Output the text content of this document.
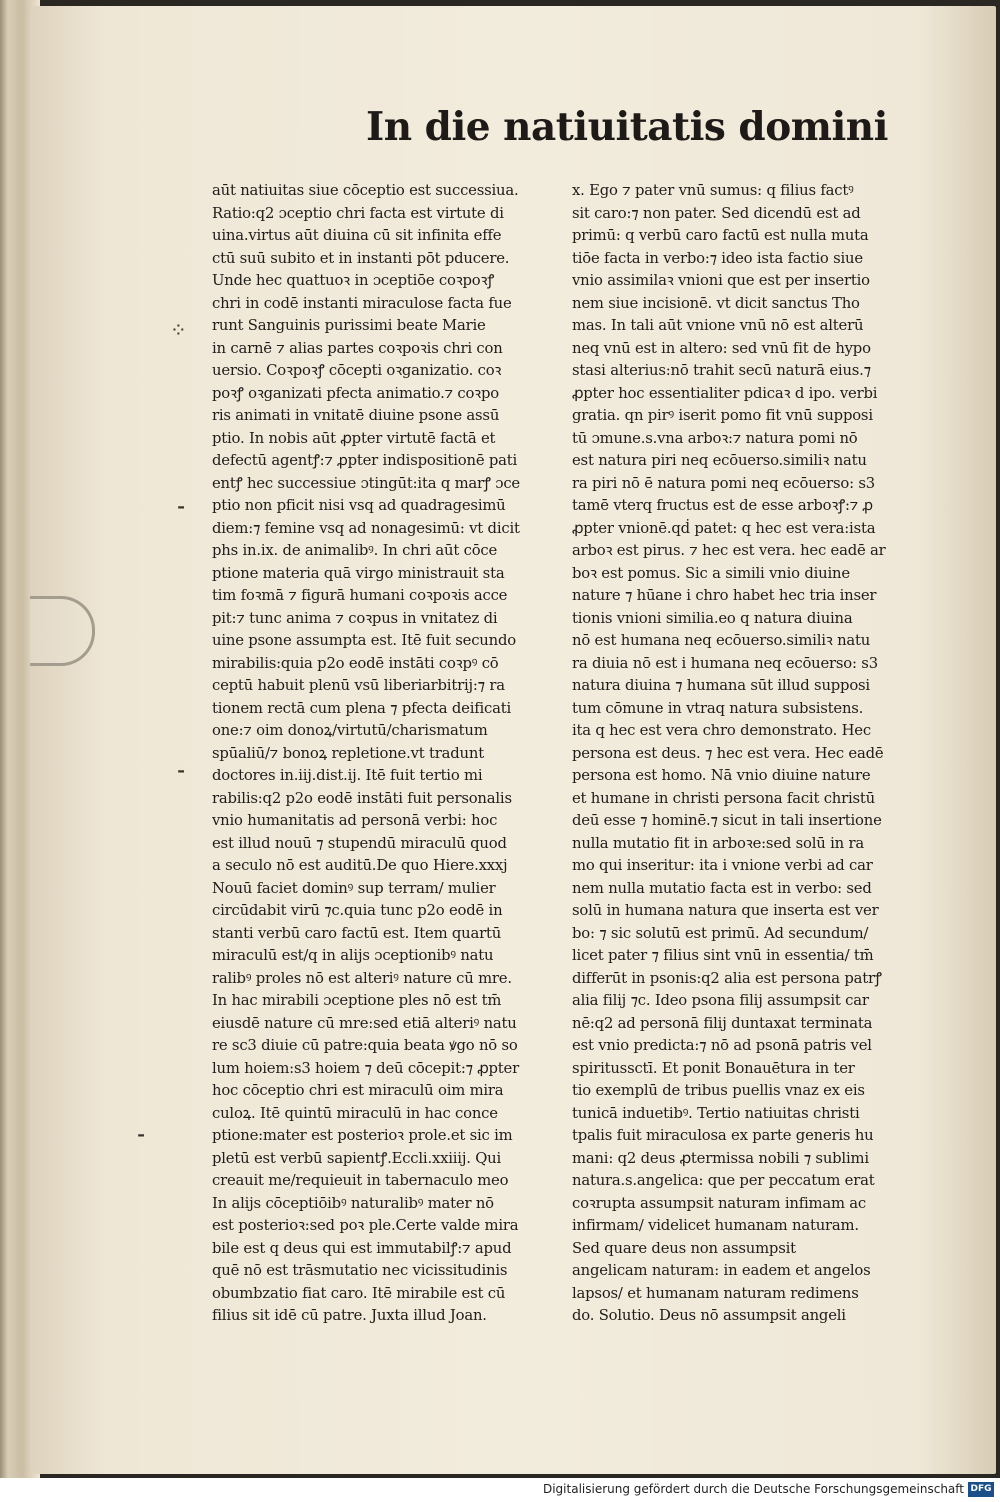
In die natiuitatis domini
⁘
⁃
⁃
⁃
aūt natiuitas siue cōceptio est successiua.
Ratio:q2 ɔceptio chri facta est virtute di
uina.virtus aūt diuina cū sit infinita effe
ctū suū subito et in instanti pōt pducere.
Unde hec quattuoꝛ in ɔceptiōe coꝛpoꝛꝭ
chri in codē instanti miraculose facta fue
runt Sanguinis purissimi beate Marie
in carnē ⁊ alias partes coꝛpoꝛis chri con
uersio. Coꝛpoꝛꝭ cōcepti oꝛganizatio. coꝛ
poꝛꝭ oꝛganizati pfecta animatio.⁊ coꝛpo
ris animati in vnitatē diuine psone assū
ptio. In nobis aūt ꝓpter virtutē factā et
defectū agentꝭ:⁊ ꝓpter indispositionē pati
entꝭ hec successiue ɔtingūt:ita q marꝭ ɔce
ptio non pficit nisi vsq ad quadragesimū
diem:⁊ femine vsq ad nonagesimū: vt dicit
phs in.ix. de animalibꝰ. In chri aūt cōce
ptione materia quā virgo ministrauit sta
tim foꝛmā ⁊ figurā humani coꝛpoꝛis acce
pit:⁊ tunc anima ⁊ coꝛpus in vnitatez di
uine psone assumpta est. Itē fuit secundo
mirabilis:quia p2o eodē instāti coꝛpꝰ cō
ceptū habuit plenū vsū liberiarbitrij:⁊ ra
tionem rectā cum plena ⁊ pfecta deificati
one:⁊ oim donoꝝ/virtutū/charismatum
spūaliū/⁊ bonoꝝ repletione.vt tradunt
doctores in.iij.dist.ij. Itē fuit tertio mi
rabilis:q2 p2o eodē instāti fuit personalis
vnio humanitatis ad personā verbi: hoc
est illud nouū ⁊ stupendū miraculū quod
a seculo nō est auditū.De quo Hiere.xxxj
Nouū faciet dominꝰ sup terram/ mulier
circūdabit virū ⁊c.quia tunc p2o eodē in
stanti verbū caro factū est. Item quartū
miraculū est/q in alijs ɔceptionibꝰ natu
ralibꝰ proles nō est alteriꝰ nature cū mre.
In hac mirabili ɔceptione ples nō est tm̄
eiusdē nature cū mre:sed etiā alteriꝰ natu
re sc3 diuie cū patre:quia beata ꝟgo nō so
lum hoiem:s3 hoiem ⁊ deū cōcepit:⁊ ꝓpter
hoc cōceptio chri est miraculū oim mira
culoꝝ. Itē quintū miraculū in hac conce
ptione:mater est posterioꝛ prole.et sic im
pletū est verbū sapientꝭ.Eccli.xxiiij. Qui
creauit me/requieuit in tabernaculo meo
In alijs cōceptiōibꝰ naturalibꝰ mater nō
est posterioꝛ:sed poꝛ ple.Certe valde mira
bile est q deus qui est immutabilꝭ:⁊ apud
quē nō est trāsmutatio nec vicissitudinis
obumbzatio fiat caro. Itē mirabile est cū
filius sit idē cū patre. Juxta illud Joan.
x. Ego ⁊ pater vnū sumus: q filius factꝰ
sit caro:⁊ non pater. Sed dicendū est ad
primū: q verbū caro factū est nulla muta
tiōe facta in verbo:⁊ ideo ista factio siue
vnio assimilaꝛ vnioni que est per insertio
nem siue incisionē. vt dicit sanctus Tho
mas. In tali aūt vnione vnū nō est alterū
neq vnū est in altero: sed vnū fit de hypo
stasi alterius:nō trahit secū naturā eius.⁊
ꝓpter hoc essentialiter pdicaꝛ d ipo. verbi
gratia. qn pirꝰ iserit pomo fit vnū supposi
tū ɔmune.s.vna arboꝛ:⁊ natura pomi nō
est natura piri neq ecōuerso.similiꝛ natu
ra piri nō ē natura pomi neq ecōuerso: s3
tamē vterq fructus est de esse arboꝛꝭ:⁊ ꝓ
ꝓpter vnionē.qḋ patet: q hec est vera:ista
arboꝛ est pirus. ⁊ hec est vera. hec eadē ar
boꝛ est pomus. Sic a simili vnio diuine
nature ⁊ hūane i chro habet hec tria inser
tionis vnioni similia.eo q natura diuina
nō est humana neq ecōuerso.similiꝛ natu
ra diuia nō est i humana neq ecōuerso: s3
natura diuina ⁊ humana sūt illud supposi
tum cōmune in vtraq natura subsistens.
ita q hec est vera chro demonstrato. Hec
persona est deus. ⁊ hec est vera. Hec eadē
persona est homo. Nā vnio diuine nature
et humane in christi persona facit christū
deū esse ⁊ hominē.⁊ sicut in tali insertione
nulla mutatio fit in arboꝛe:sed solū in ra
mo qui inseritur: ita i vnione verbi ad car
nem nulla mutatio facta est in verbo: sed
solū in humana natura que inserta est ver
bo: ⁊ sic solutū est primū. Ad secundum/
licet pater ⁊ filius sint vnū in essentia/ tm̄
differūt in psonis:q2 alia est persona patrꝭ
alia filij ⁊c. Ideo psona filij assumpsit car
nē:q2 ad personā filij duntaxat terminata
est vnio predicta:⁊ nō ad psonā patris vel
spiritussctī. Et ponit Bonauētura in ter
tio exemplū de tribus puellis vnaz ex eis
tunicā induetibꝰ. Tertio natiuitas christi
tpalis fuit miraculosa ex parte generis hu
mani: q2 deus ꝓtermissa nobili ⁊ sublimi
natura.s.angelica: que per peccatum erat
coꝛrupta assumpsit naturam infimam ac
infirmam/ videlicet humanam naturam.
Sed quare deus non assumpsit
angelicam naturam: in eadem et angelos
lapsos/ et humanam naturam redimens
do. Solutio. Deus nō assumpsit angeli
Digitalisierung gefördert durch die Deutsche Forschungsgemeinschaft DFG
